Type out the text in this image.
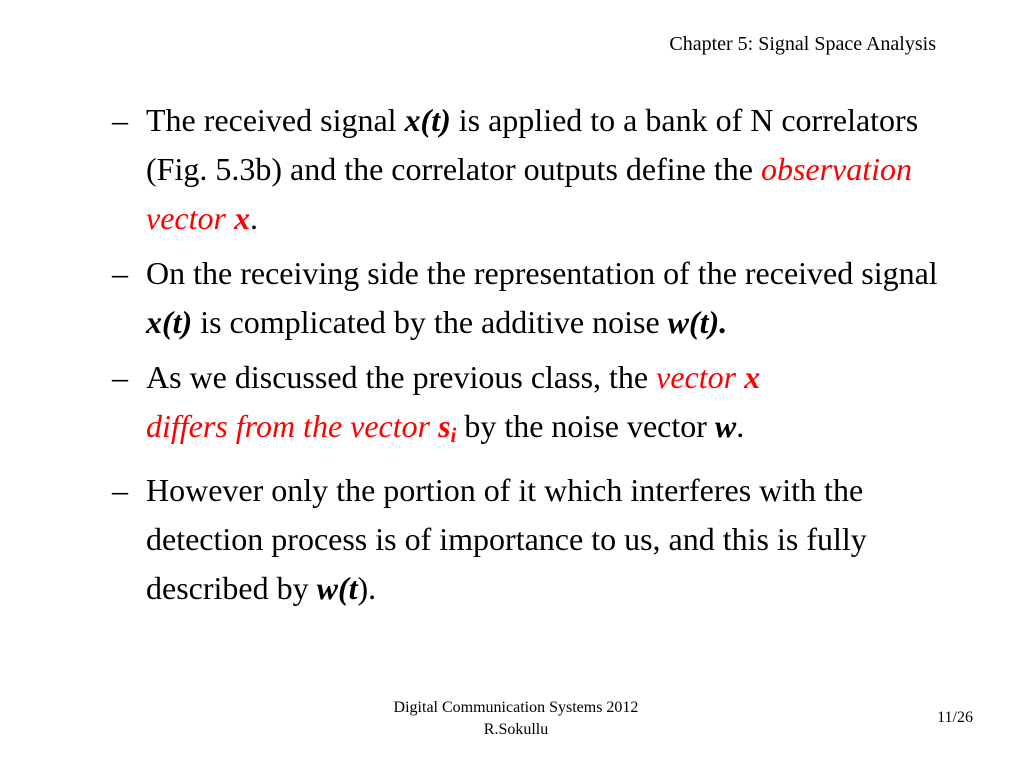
Chapter 5: Signal Space Analysis
– The received signal x(t) is applied to a bank of N correlators (Fig. 5.3b) and the correlator outputs define the observation vector x.
– On the receiving side the representation of the received signal x(t) is complicated by the additive noise w(t).
– As we discussed the previous class, the vector x
differs from the vector $s_i$ by the noise vector w.
– However only the portion of it which interferes with the detection process is of importance to us, and this is fully described by w(t).
Digital Communication Systems 2012
R.Sokullu
11/26
